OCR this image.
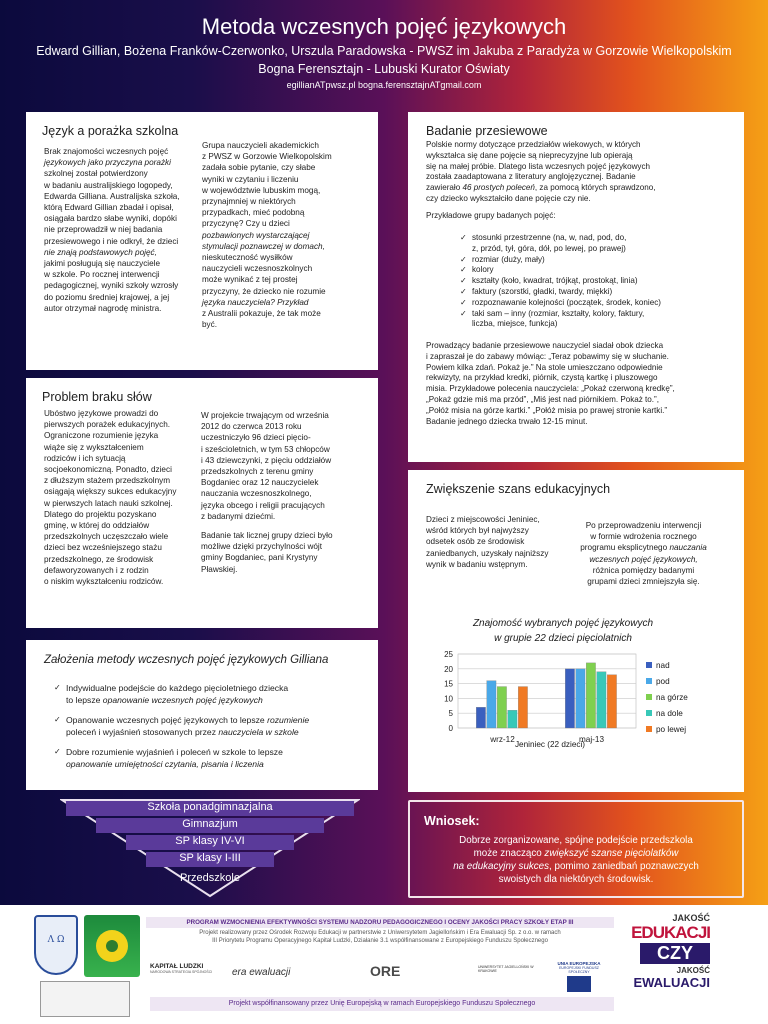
Metoda wczesnych pojęć językowych
Edward Gillian, Bożena Franków-Czerwonko, Urszula Paradowska - PWSZ im Jakuba z Paradyża w Gorzowie Wielkopolskim
Bogna Ferensztajn - Lubuski Kurator Oświaty
egillianATpwsz.pl bogna.ferensztajnATgmail.com
Język a porażka szkolna

Brak znajomości wczesnych pojęć

językowych jako przyczyna porażki

szkolnej został potwierdzony

w badaniu australijskiego logopedy,

Edwarda Gilliana. Australijska szkoła,

którą Edward Gillian zbadał i opisał,

osiągała bardzo słabe wyniki, dopóki

nie przeprowadził w niej badania

przesiewowego i nie odkrył, że dzieci

nie znają podstawowych pojęć,

jakimi posługują się nauczyciele

w szkole. Po rocznej interwencji

pedagogicznej, wyniki szkoły wzrosły

do poziomu średniej krajowej, a jej

autor otrzymał nagrodę ministra.

Grupa nauczycieli akademickich

z PWSZ w Gorzowie Wielkopolskim

zadała sobie pytanie, czy słabe

wyniki w czytaniu i liczeniu

w województwie lubuskim mogą,

przynajmniej w niektórych

przypadkach, mieć podobną

przyczynę? Czy u dzieci

pozbawionych wystarczającej

stymulacji poznawczej w domach,

nieskuteczność wysiłków

nauczycieli wczesnoszkolnych

może wynikać z tej prostej

przyczyny, że dziecko nie rozumie

języka nauczyciela? Przykład

z Australii pokazuje, że tak może

być.

Problem braku słów

Ubóstwo językowe prowadzi do

pierwszych porażek edukacyjnych.

Ograniczone rozumienie języka

wiąże się z wykształceniem

rodziców i ich sytuacją

socjoekonomiczną. Ponadto, dzieci

z dłuższym stażem przedszkolnym

osiągają większy sukces edukacyjny

w pierwszych latach nauki szkolnej.

Dlatego do projektu pozyskano

gminę, w której do oddziałów

przedszkolnych uczęszczało wiele

dzieci bez wcześniejszego stażu

przedszkolnego, ze środowisk

defaworyzowanych i z rodzin

o niskim wykształceniu rodziców.

W projekcie trwającym od września

2012 do czerwca 2013 roku

uczestniczyło 96 dzieci pięcio-

i sześcioletnich, w tym 53 chłopców

i 43 dziewczynki, z pięciu oddziałów

przedszkolnych z terenu gminy

Bogdaniec oraz 12 nauczycielek

nauczania wczesnoszkolnego,

języka obcego i religii pracujących

z badanymi dziećmi.

Badanie tak licznej grupy dzieci było

możliwe dzięki przychylności wójt

gminy Bogdaniec, pani Krystyny

Pławskiej.

Założenia metody wczesnych pojęć językowych Gilliana
✓ Indywidualne podejście do każdego pięcioletniego dziecka
to lepsze opanowanie wczesnych pojęć językowych
✓ Opanowanie wczesnych pojęć językowych to lepsze rozumienie
poleceń i wyjaśnień stosowanych przez nauczyciela w szkole
✓ Dobre rozumienie wyjaśnień i poleceń w szkole to lepsze
opanowanie umiejętności czytania, pisania i liczenia
Szkoła ponadgimnazjalna
Gimnazjum
SP klasy IV-VI
SP klasy I-III
Przedszkole
Badanie przesiewowe

Polskie normy dotyczące przedziałów wiekowych, w których

wykształca się dane pojęcie są nieprecyzyjne lub opierają

się na małej próbie. Dlatego lista wczesnych pojęć językowych

została zaadaptowana z literatury anglojęzycznej. Badanie

zawierało 46 prostych poleceń, za pomocą których sprawdzono,

czy dziecko wykształciło dane pojęcie czy nie.

Przykładowe grupy badanych pojęć:

✓ stosunki przestrzenne (na, w, nad, pod, do,
z, przód, tył, góra, dół, po lewej, po prawej)
✓ rozmiar (duży, mały)
✓ kolory
✓ kształty (koło, kwadrat, trójkąt, prostokąt, linia)
✓ faktury (szorstki, gładki, twardy, miękki)
✓ rozpoznawanie kolejności (początek, środek, koniec)
✓ taki sam – inny (rozmiar, kształty, kolory, faktury,
liczba, miejsce, funkcja)

Prowadzący badanie przesiewowe nauczyciel siadał obok dziecka

i zapraszał je do zabawy mówiąc: „Teraz pobawimy się w słuchanie.

Powiem kilka zdań. Pokaż je.” Na stole umieszczano odpowiednie

rekwizyty, na przykład kredki, piórnik, czystą kartkę i pluszowego

misia. Przykładowe polecenia nauczyciela: „Pokaż czerwoną kredkę”,

„Pokaż gdzie miś ma przód”, „Miś jest nad piórnikiem. Pokaż to.”,

„Połóż misia na górze kartki.” „Połóż misia po prawej stronie kartki.”

Badanie jednego dziecka trwało 12-15 minut.

Zwiększenie szans edukacyjnych

Dzieci z miejscowości Jeniniec,

wśród których był najwyższy

odsetek osób ze środowisk

zaniedbanych, uzyskały najniższy

wynik w badaniu wstępnym.

Po przeprowadzeniu interwencji

w formie wdrożenia rocznego

programu eksplicytnego nauczania

wczesnych pojęć językowych,

różnica pomiędzy badanymi

grupami dzieci zmniejszyła się.

Znajomość wybranych pojęć językowych
w grupie 22 dzieci pięciolatnich
0
5
10
15
20
25
wrz-12	maj-13
Jeniniec (22 dzieci)
nad
pod
na górze
na dole
po lewej
Wniosek:

Dobrze zorganizowane, spójne podejście przedszkola

może znacząco zwiększyć szanse pięciolatków

na edukacyjny sukces, pomimo zaniedbań poznawczych

swoistych dla niektórych środowisk.

Λ Ω
PROGRAM WZMOCNIENIA EFEKTYWNOŚCI SYSTEMU NADZORU PEDAGOGICZNEGO I OCENY JAKOŚCI PRACY SZKOŁY ETAP III
Projekt realizowany przez Ośrodek Rozwoju Edukacji w partnerstwie z Uniwersytetem Jagiellońskim i Era Ewaluacji Sp. z o.o. w ramach
III Priorytetu Programu Operacyjnego Kapitał Ludzki, Działanie 3.1 współfinansowane z Europejskiego Funduszu Społecznego
KAPITAŁ LUDZKI
NARODOWA STRATEGIA SPÓJNOŚCI	era ewaluacji	ORE	UNIWERSYTET JAGIELLOŃSKI W KRAKOWIE
UNIA EUROPEJSKA
EUROPEJSKI FUNDUSZ SPOŁECZNY
Projekt współfinansowany przez Unię Europejską w ramach Europejskiego Funduszu Społecznego
JAKOŚĆ
EDUKACJI
CZY
JAKOŚĆ
EWALUACJI
